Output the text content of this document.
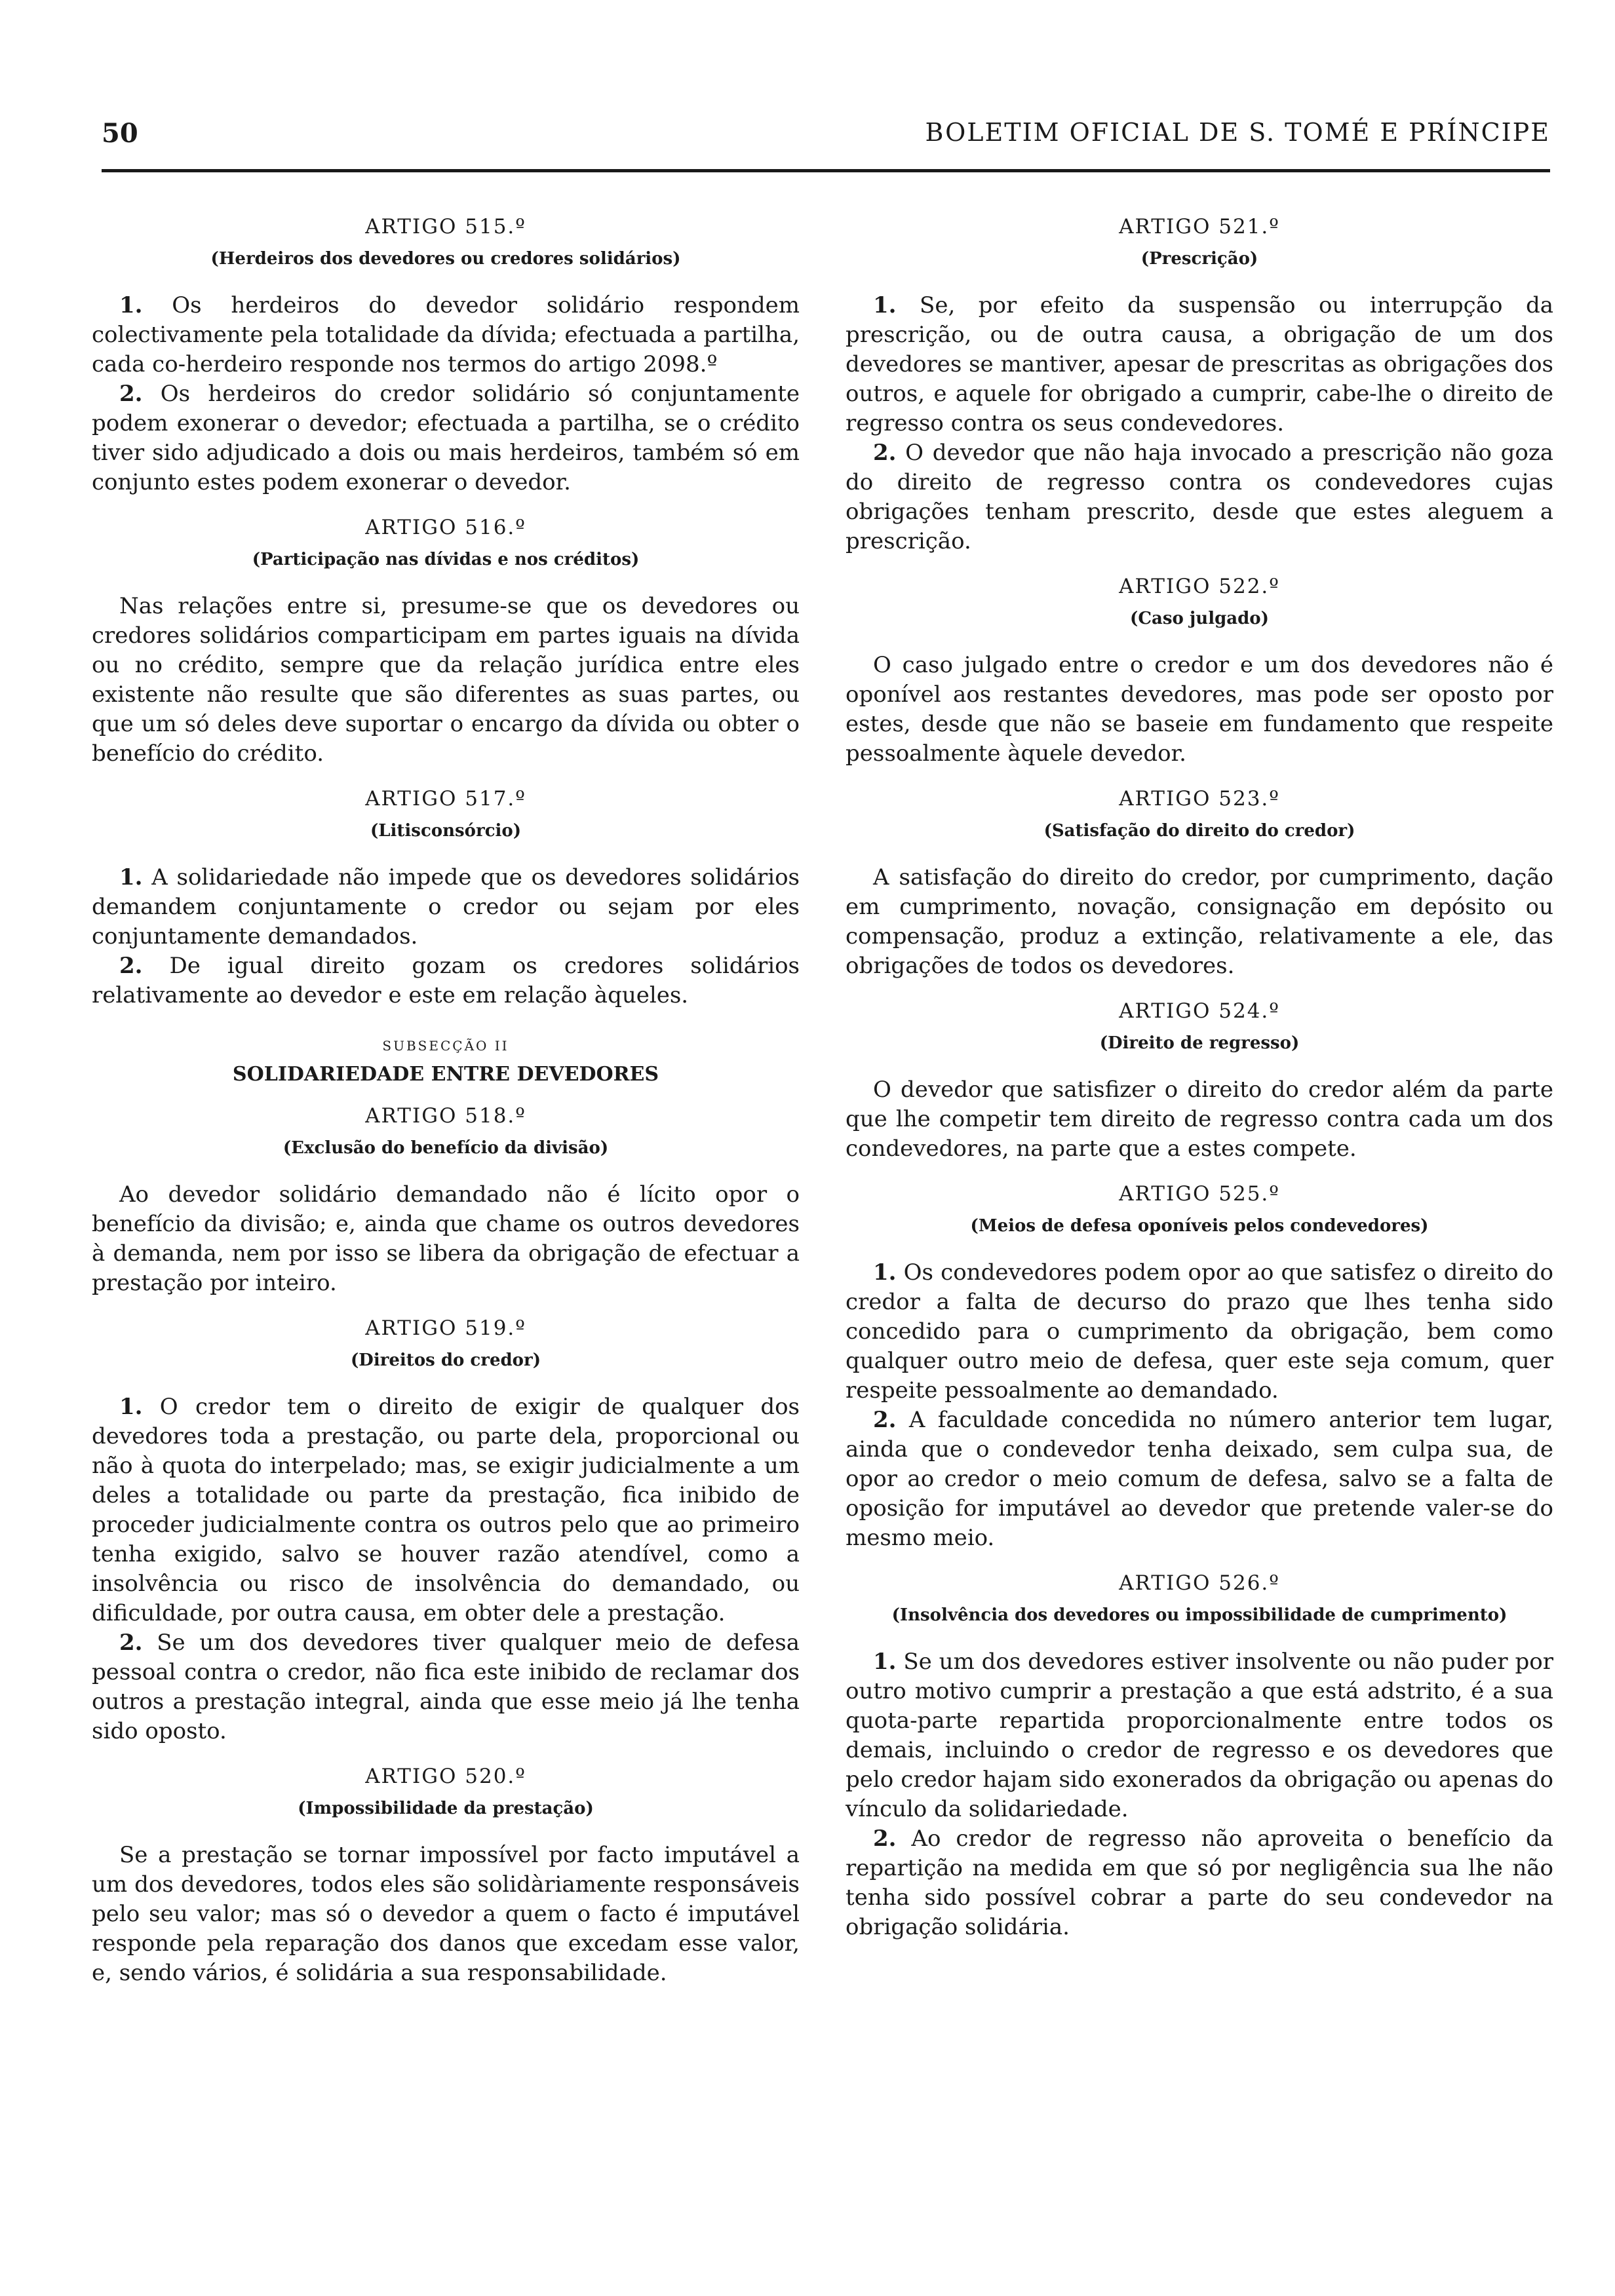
50	BOLETIM OFICIAL DE S. TOMÉ E PRÍNCIPE
ARTIGO 515.º
(Herdeiros dos devedores ou credores solidários)

1. Os herdeiros do devedor solidário respondem colectivamente pela totalidade da dívida; efectuada a partilha, cada co-herdeiro responde nos termos do artigo 2098.º

2. Os herdeiros do credor solidário só conjuntamente podem exonerar o devedor; efectuada a partilha, se o crédito tiver sido adjudicado a dois ou mais herdeiros, também só em conjunto estes podem exonerar o devedor.

ARTIGO 516.º
(Participação nas dívidas e nos créditos)

Nas relações entre si, presume-se que os devedores ou credores solidários comparticipam em partes iguais na dívida ou no crédito, sempre que da relação jurídica entre eles existente não resulte que são diferentes as suas partes, ou que um só deles deve suportar o encargo da dívida ou obter o benefício do crédito.

ARTIGO 517.º
(Litisconsórcio)

1. A solidariedade não impede que os devedores solidários demandem conjuntamente o credor ou sejam por eles conjuntamente demandados.

2. De igual direito gozam os credores solidários relativamente ao devedor e este em relação àqueles.

SUBSECÇÃO II
SOLIDARIEDADE ENTRE DEVEDORES
ARTIGO 518.º
(Exclusão do benefício da divisão)

Ao devedor solidário demandado não é lícito opor o benefício da divisão; e, ainda que chame os outros devedores à demanda, nem por isso se libera da obrigação de efectuar a prestação por inteiro.

ARTIGO 519.º
(Direitos do credor)

1. O credor tem o direito de exigir de qualquer dos devedores toda a prestação, ou parte dela, proporcional ou não à quota do interpelado; mas, se exigir judicialmente a um deles a totalidade ou parte da prestação, fica inibido de proceder judicialmente contra os outros pelo que ao primeiro tenha exigido, salvo se houver razão atendível, como a insolvência ou risco de insolvência do demandado, ou dificuldade, por outra causa, em obter dele a prestação.

2. Se um dos devedores tiver qualquer meio de defesa pessoal contra o credor, não fica este inibido de reclamar dos outros a prestação integral, ainda que esse meio já lhe tenha sido oposto.

ARTIGO 520.º
(Impossibilidade da prestação)

Se a prestação se tornar impossível por facto imputável a um dos devedores, todos eles são solidàriamente responsáveis pelo seu valor; mas só o devedor a quem o facto é imputável responde pela reparação dos danos que excedam esse valor, e, sendo vários, é solidária a sua responsabilidade.

ARTIGO 521.º
(Prescrição)

1. Se, por efeito da suspensão ou interrupção da prescrição, ou de outra causa, a obrigação de um dos devedores se mantiver, apesar de prescritas as obrigações dos outros, e aquele for obrigado a cumprir, cabe-lhe o direito de regresso contra os seus condevedores.

2. O devedor que não haja invocado a prescrição não goza do direito de regresso contra os condevedores cujas obrigações tenham prescrito, desde que estes aleguem a prescrição.

ARTIGO 522.º
(Caso julgado)

O caso julgado entre o credor e um dos devedores não é oponível aos restantes devedores, mas pode ser oposto por estes, desde que não se baseie em fundamento que respeite pessoalmente àquele devedor.

ARTIGO 523.º
(Satisfação do direito do credor)

A satisfação do direito do credor, por cumprimento, dação em cumprimento, novação, consignação em depósito ou compensação, produz a extinção, relativamente a ele, das obrigações de todos os devedores.

ARTIGO 524.º
(Direito de regresso)

O devedor que satisfizer o direito do credor além da parte que lhe competir tem direito de regresso contra cada um dos condevedores, na parte que a estes compete.

ARTIGO 525.º
(Meios de defesa oponíveis pelos condevedores)

1. Os condevedores podem opor ao que satisfez o direito do credor a falta de decurso do prazo que lhes tenha sido concedido para o cumprimento da obrigação, bem como qualquer outro meio de defesa, quer este seja comum, quer respeite pessoalmente ao demandado.

2. A faculdade concedida no número anterior tem lugar, ainda que o condevedor tenha deixado, sem culpa sua, de opor ao credor o meio comum de defesa, salvo se a falta de oposição for imputável ao devedor que pretende valer-se do mesmo meio.

ARTIGO 526.º
(Insolvência dos devedores ou impossibilidade de cumprimento)

1. Se um dos devedores estiver insolvente ou não puder por outro motivo cumprir a prestação a que está adstrito, é a sua quota-parte repartida proporcionalmente entre todos os demais, incluindo o credor de regresso e os devedores que pelo credor hajam sido exonerados da obrigação ou apenas do vínculo da solidariedade.

2. Ao credor de regresso não aproveita o benefício da repartição na medida em que só por negligência sua lhe não tenha sido possível cobrar a parte do seu condevedor na obrigação solidária.
